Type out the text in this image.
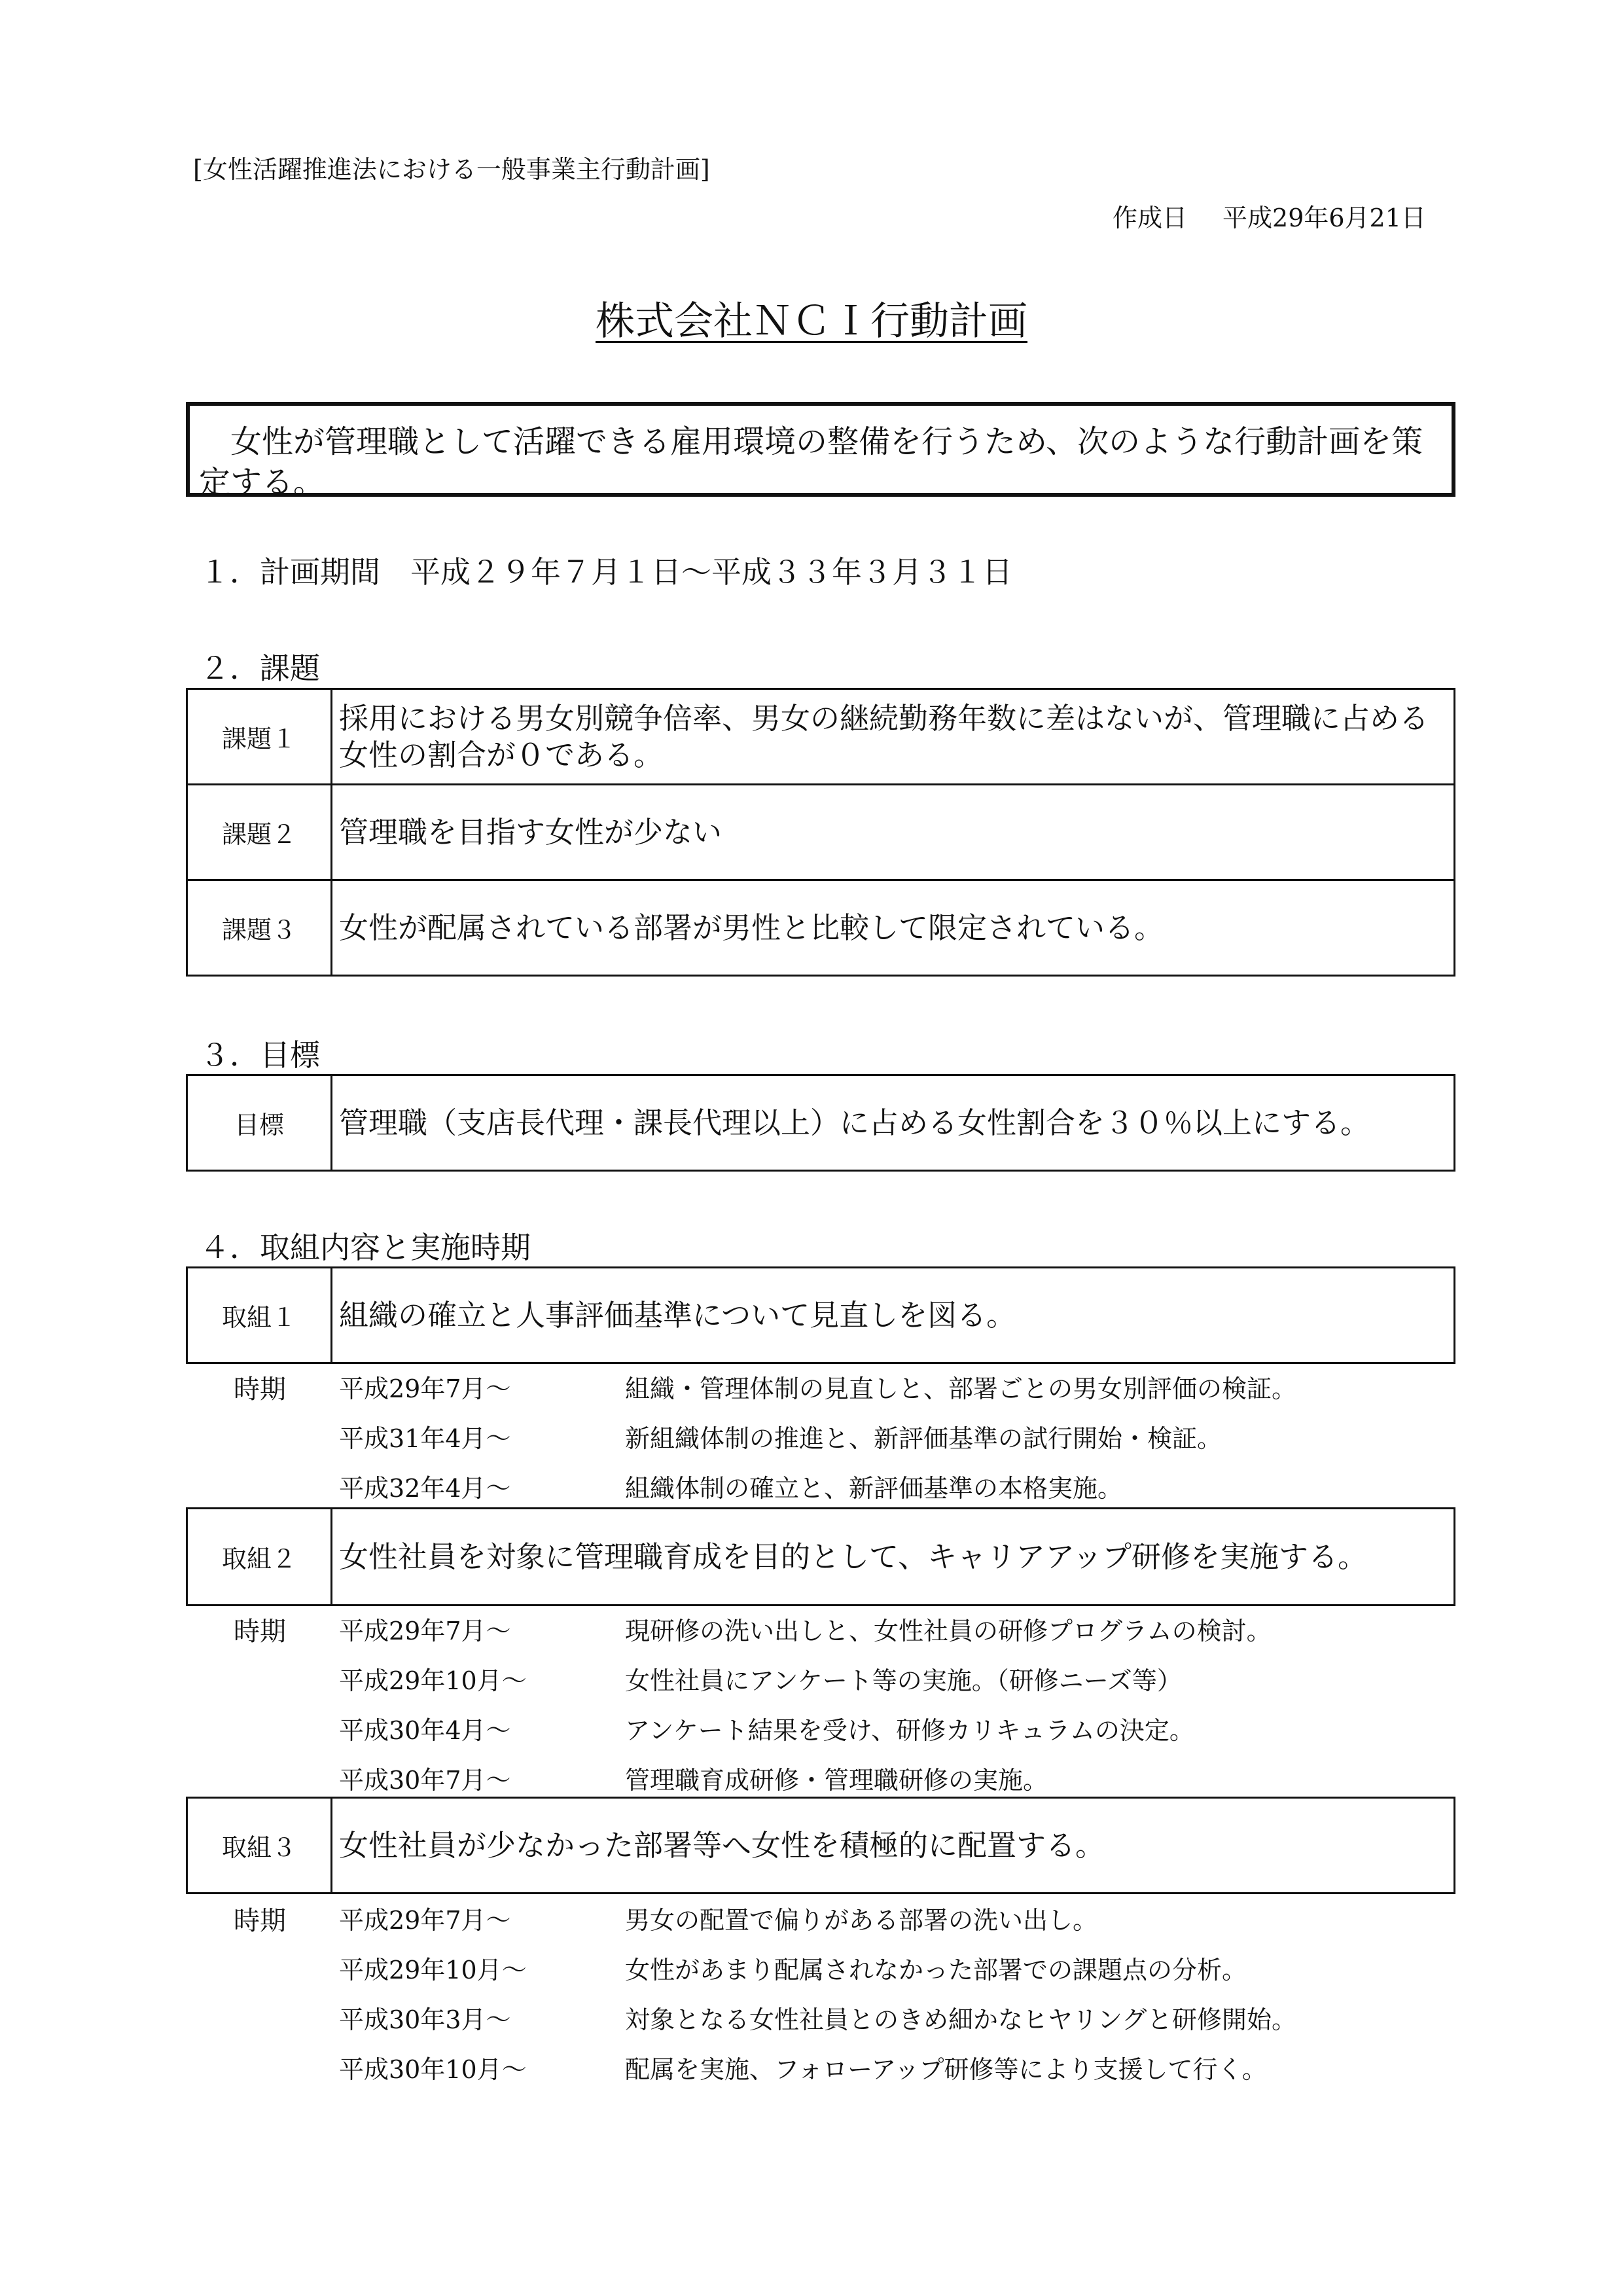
[女性活躍推進法における一般事業主行動計画]
作成日 平成29年6月21日
株式会社ＮＣＩ行動計画
女性が管理職として活躍できる雇用環境の整備を行うため、次のような行動計画を策定する。
１．計画期間　平成２９年７月１日～平成３３年３月３１日
２．課題
課題１	採用における男女別競争倍率、男女の継続勤務年数に差はないが、管理職に占める女性の割合が０である。
課題２	管理職を目指す女性が少ない
課題３	女性が配属されている部署が男性と比較して限定されている。
３．目標
目標	管理職（支店長代理・課長代理以上）に占める女性割合を３０％以上にする。
４．取組内容と実施時期
取組１	組織の確立と人事評価基準について見直しを図る。
時期 平成29年7月～	組織・管理体制の見直しと、部署ごとの男女別評価の検証。
平成31年4月～	新組織体制の推進と、新評価基準の試行開始・検証。
平成32年4月～	組織体制の確立と、新評価基準の本格実施。
取組２	女性社員を対象に管理職育成を目的として、キャリアアップ研修を実施する。
時期 平成29年7月～	現研修の洗い出しと、女性社員の研修プログラムの検討。
平成29年10月～	女性社員にアンケート等の実施。（研修ニーズ等）
平成30年4月～	アンケート結果を受け、研修カリキュラムの決定。
平成30年7月～	管理職育成研修・管理職研修の実施。
取組３	女性社員が少なかった部署等へ女性を積極的に配置する。
時期 平成29年7月～	男女の配置で偏りがある部署の洗い出し。
平成29年10月～	女性があまり配属されなかった部署での課題点の分析。
平成30年3月～	対象となる女性社員とのきめ細かなヒヤリングと研修開始。
平成30年10月～	配属を実施、フォローアップ研修等により支援して行く。
